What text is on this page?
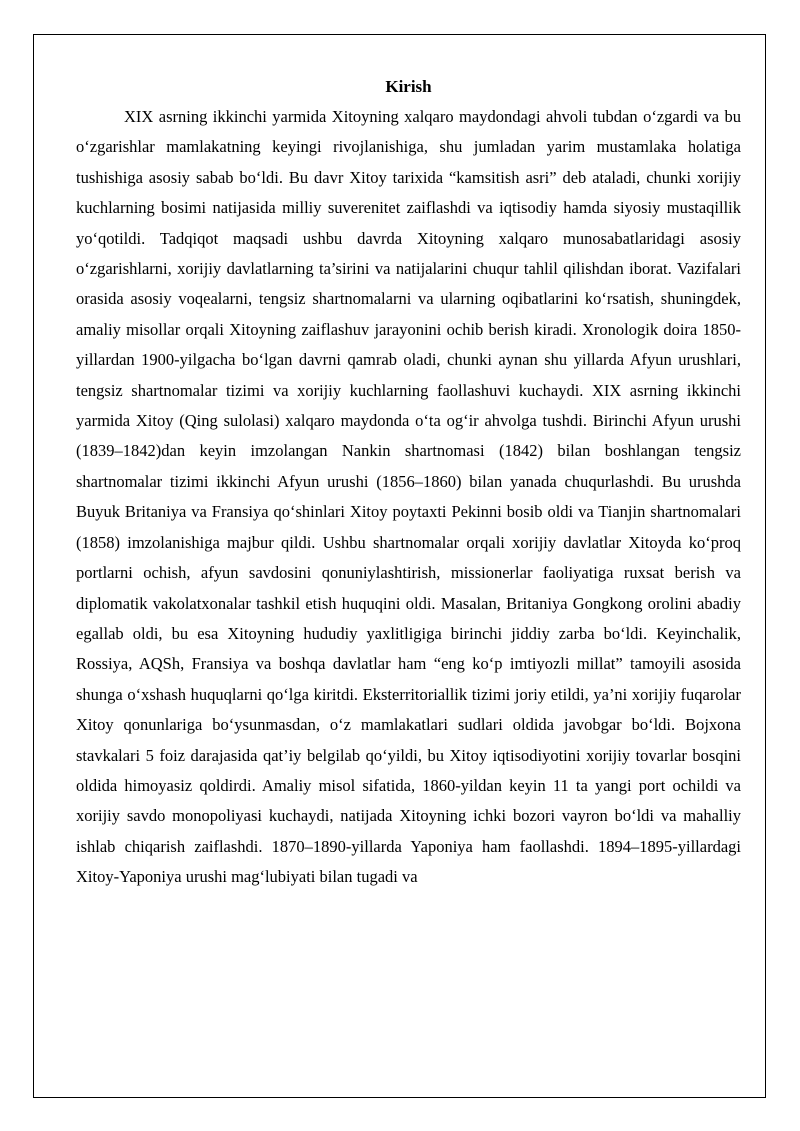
Kirish

XIX asrning ikkinchi yarmida Xitoyning xalqaro maydondagi ahvoli tubdan o‘zgardi va bu o‘zgarishlar mamlakatning keyingi rivojlanishiga, shu jumladan yarim mustamlaka holatiga tushishiga asosiy sabab bo‘ldi. Bu davr Xitoy tarixida “kamsitish asri” deb ataladi, chunki xorijiy kuchlarning bosimi natijasida milliy suverenitet zaiflashdi va iqtisodiy hamda siyosiy mustaqillik yo‘qotildi. Tadqiqot maqsadi ushbu davrda Xitoyning xalqaro munosabatlaridagi asosiy o‘zgarishlarni, xorijiy davlatlarning ta’sirini va natijalarini chuqur tahlil qilishdan iborat. Vazifalari orasida asosiy voqealarni, tengsiz shartnomalarni va ularning oqibatlarini ko‘rsatish, shuningdek, amaliy misollar orqali Xitoyning zaiflashuv jarayonini ochib berish kiradi. Xronologik doira 1850-yillardan 1900-yilgacha bo‘lgan davrni qamrab oladi, chunki aynan shu yillarda Afyun urushlari, tengsiz shartnomalar tizimi va xorijiy kuchlarning faollashuvi kuchaydi. XIX asrning ikkinchi yarmida Xitoy (Qing sulolasi) xalqaro maydonda o‘ta og‘ir ahvolga tushdi. Birinchi Afyun urushi (1839–1842)dan keyin imzolangan Nankin shartnomasi (1842) bilan boshlangan tengsiz shartnomalar tizimi ikkinchi Afyun urushi (1856–1860) bilan yanada chuqurlashdi. Bu urushda Buyuk Britaniya va Fransiya qo‘shinlari Xitoy poytaxti Pekinni bosib oldi va Tianjin shartnomalari (1858) imzolanishiga majbur qildi. Ushbu shartnomalar orqali xorijiy davlatlar Xitoyda ko‘proq portlarni ochish, afyun savdosini qonuniylashtirish, missionerlar faoliyatiga ruxsat berish va diplomatik vakolatxonalar tashkil etish huquqini oldi. Masalan, Britaniya Gongkong orolini abadiy egallab oldi, bu esa Xitoyning hududiy yaxlitligiga birinchi jiddiy zarba bo‘ldi. Keyinchalik, Rossiya, AQSh, Fransiya va boshqa davlatlar ham “eng ko‘p imtiyozli millat” tamoyili asosida shunga o‘xshash huquqlarni qo‘lga kiritdi. Eksterritoriallik tizimi joriy etildi, ya’ni xorijiy fuqarolar Xitoy qonunlariga bo‘ysunmasdan, o‘z mamlakatlari sudlari oldida javobgar bo‘ldi. Bojxona stavkalari 5 foiz darajasida qat’iy belgilab qo‘yildi, bu Xitoy iqtisodiyotini xorijiy tovarlar bosqini oldida himoyasiz qoldirdi. Amaliy misol sifatida, 1860-yildan keyin 11 ta yangi port ochildi va xorijiy savdo monopoliyasi kuchaydi, natijada Xitoyning ichki bozori vayron bo‘ldi va mahalliy ishlab chiqarish zaiflashdi. 1870–1890-yillarda Yaponiya ham faollashdi. 1894–1895-yillardagi Xitoy-Yaponiya urushi mag‘lubiyati bilan tugadi va
